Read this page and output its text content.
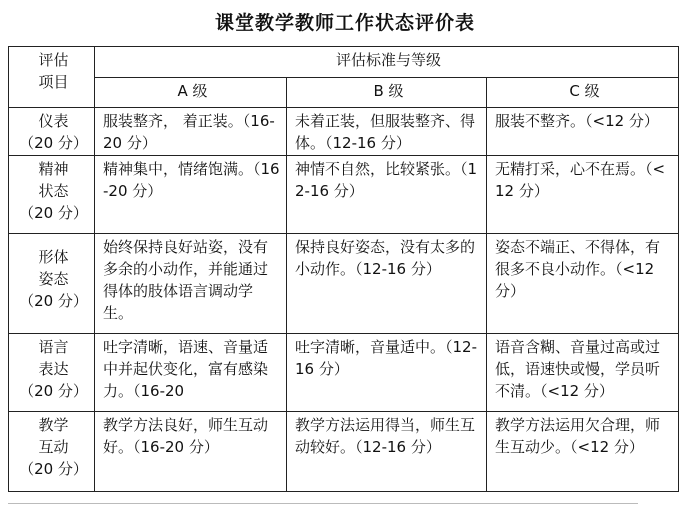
课堂教学教师工作状态评价表
评估
项目	评估标准与等级		
	A 级	B 级	C 级

仪表
（20 分）	服装整齐， 着正装。（16-20 分）	未着正装，但服装整齐、得体。（12-16 分）	服装不整齐。（<12 分）

精神
状态
（20 分）	精神集中，情绪饱满。（16-20 分）	神情不自然，比较紧张。（12-16 分）	无精打采，心不在焉。（<12 分）

形体
姿态
（20 分）	始终保持良好站姿，没有多余的小动作，并能通过得体的肢体语言调动学生。	保持良好姿态，没有太多的小动作。（12-16 分）	姿态不端正、不得体，有很多不良小动作。（<12 分）

语言
表达
（20 分）	吐字清晰，语速、音量适中并起伏变化，富有感染力。（16-20	吐字清晰，音量适中。（12-16 分）	语音含糊、音量过高或过低，语速快或慢，学员听不清。（<12 分）

教学
互动
（20 分）	教学方法良好，师生互动好。（16-20 分）	教学方法运用得当，师生互动较好。（12-16 分）	教学方法运用欠合理，师生互动少。（<12 分）
